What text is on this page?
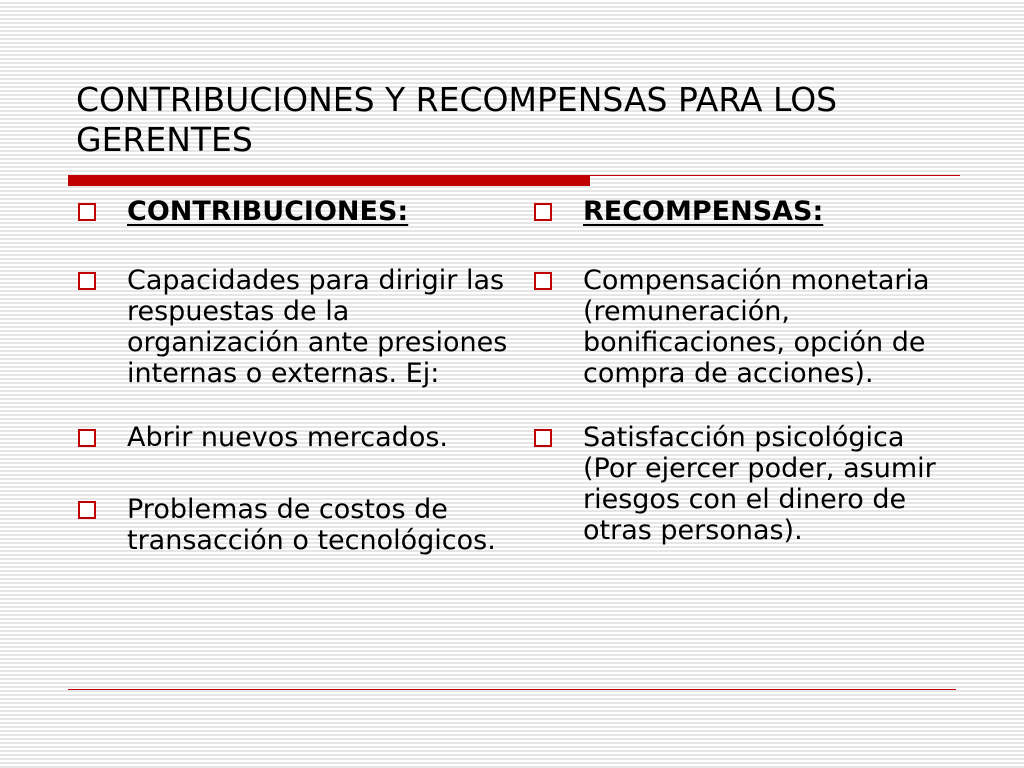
CONTRIBUCIONES Y RECOMPENSAS PARA LOS GERENTES
CONTRIBUCIONES:
Capacidades para dirigir las respuestas de la organización ante presiones internas o externas. Ej:
Abrir nuevos mercados.
Problemas de costos de transacción o tecnológicos.
RECOMPENSAS:
Compensación monetaria (remuneración, bonificaciones, opción de compra de acciones).
Satisfacción psicológica (Por ejercer poder, asumir riesgos con el dinero de otras personas).
